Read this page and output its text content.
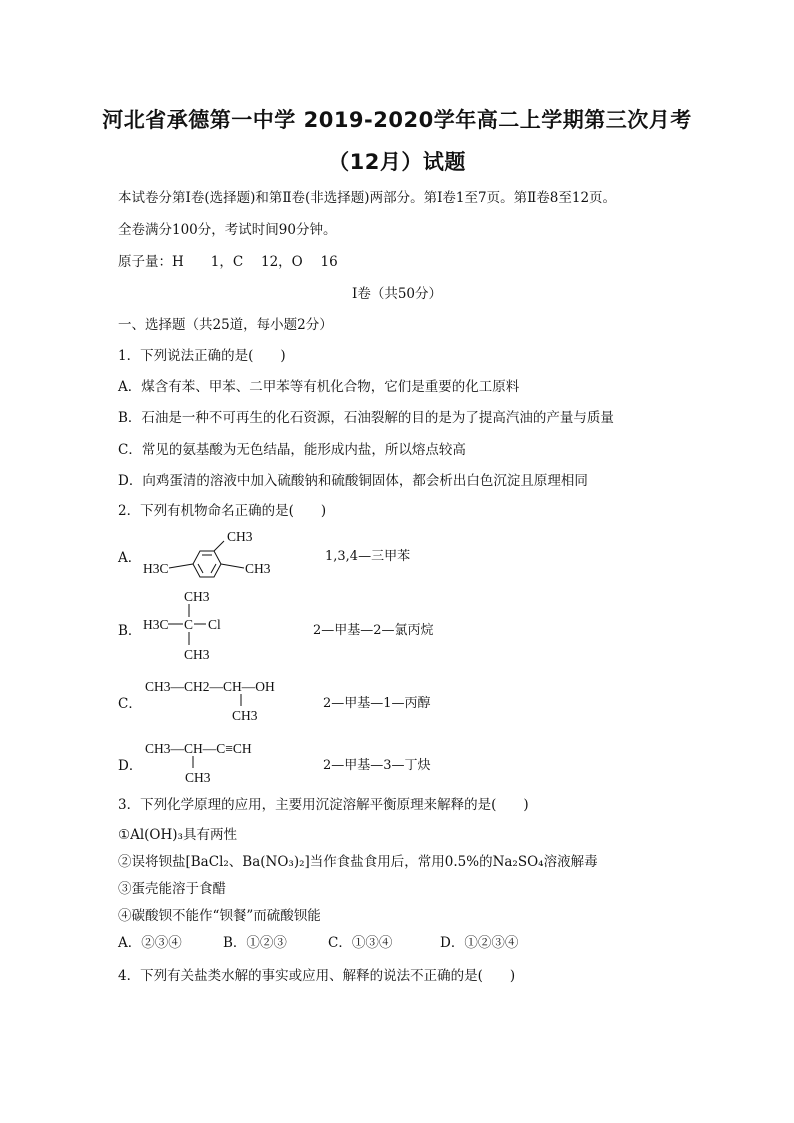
河北省承德第一中学 2019-2020学年高二上学期第三次月考
（12月）试题
本试卷分第Ⅰ卷(选择题)和第Ⅱ卷(非选择题)两部分。第Ⅰ卷1至7页。第Ⅱ卷8至12页。
全卷满分100分，考试时间90分钟。
原子量：H　　1，C　 12，O　 16
Ⅰ卷（共50分）
一、选择题（共25道，每小题2分）
1．下列说法正确的是(　　)
A．煤含有苯、甲苯、二甲苯等有机化合物，它们是重要的化工原料
B．石油是一种不可再生的化石资源，石油裂解的目的是为了提高汽油的产量与质量
C．常见的氨基酸为无色结晶，能形成内盐，所以熔点较高
D．向鸡蛋清的溶液中加入硫酸钠和硫酸铜固体，都会析出白色沉淀且原理相同
2．下列有机物命名正确的是(　　)
A．
CH3
H3C	CH3
1,3,4—三甲苯
B．
CH3
H3C C Cl
CH3
2—甲基—2—氯丙烷
C．
CH3—CH2—CH—OH
CH3
2—甲基—1—丙醇
D．
CH3—CH—C≡CH
CH3
2—甲基—3—丁炔
3．下列化学原理的应用，主要用沉淀溶解平衡原理来解释的是(　　)
①Al(OH)₃具有两性
②误将钡盐[BaCl₂、Ba(NO₃)₂]当作食盐食用后，常用0.5%的Na₂SO₄溶液解毒
③蛋壳能溶于食醋
④碳酸钡不能作“钡餐”而硫酸钡能
A．②③④	B．①②③	C．①③④	D．①②③④
4．下列有关盐类水解的事实或应用、解释的说法不正确的是(　　)
